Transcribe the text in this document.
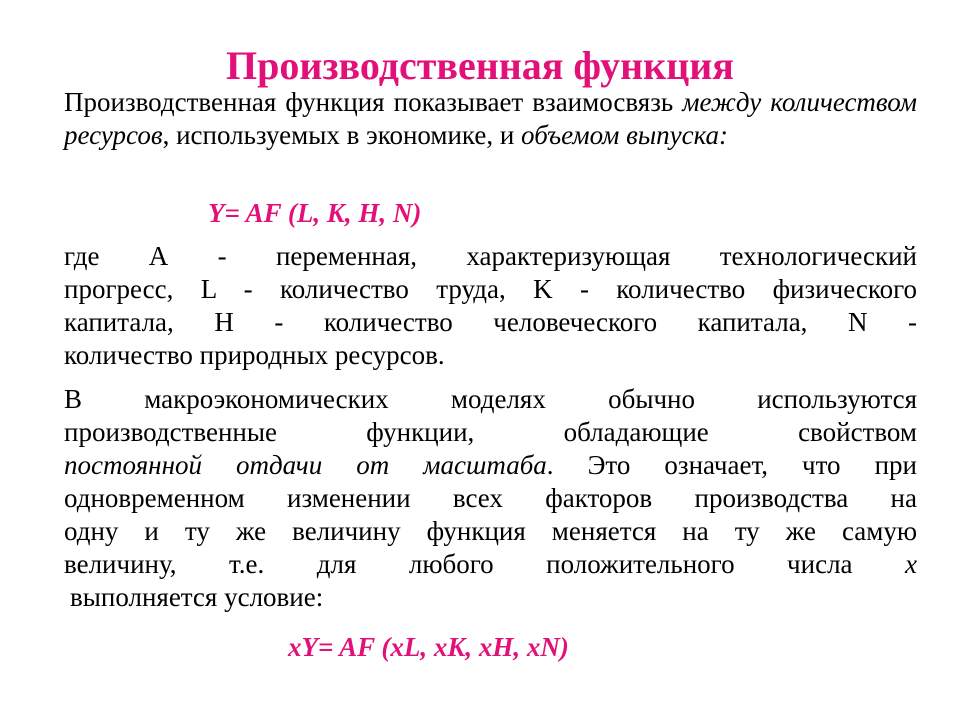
Производственная функция
Производственная функция показывает взаимосвязь между количеством ресурсов, используемых в экономике, и объемом выпуска:
Y= AF (L, K, H, N)
где А - переменная, характеризующая технологический
прогресс, L - количество труда, K - количество физического
капитала, H - количество человеческого капитала, N -
количество природных ресурсов.
В макроэкономических моделях обычно используются
производственные функции, обладающие свойством
постоянной отдачи от масштаба. Это означает, что при
одновременном изменении всех факторов производства на
одну и ту же величину функция меняется на ту же самую
величину, т.е. для любого положительного числа x
выполняется условие:
xY= AF (xL, xK, xH, xN)
